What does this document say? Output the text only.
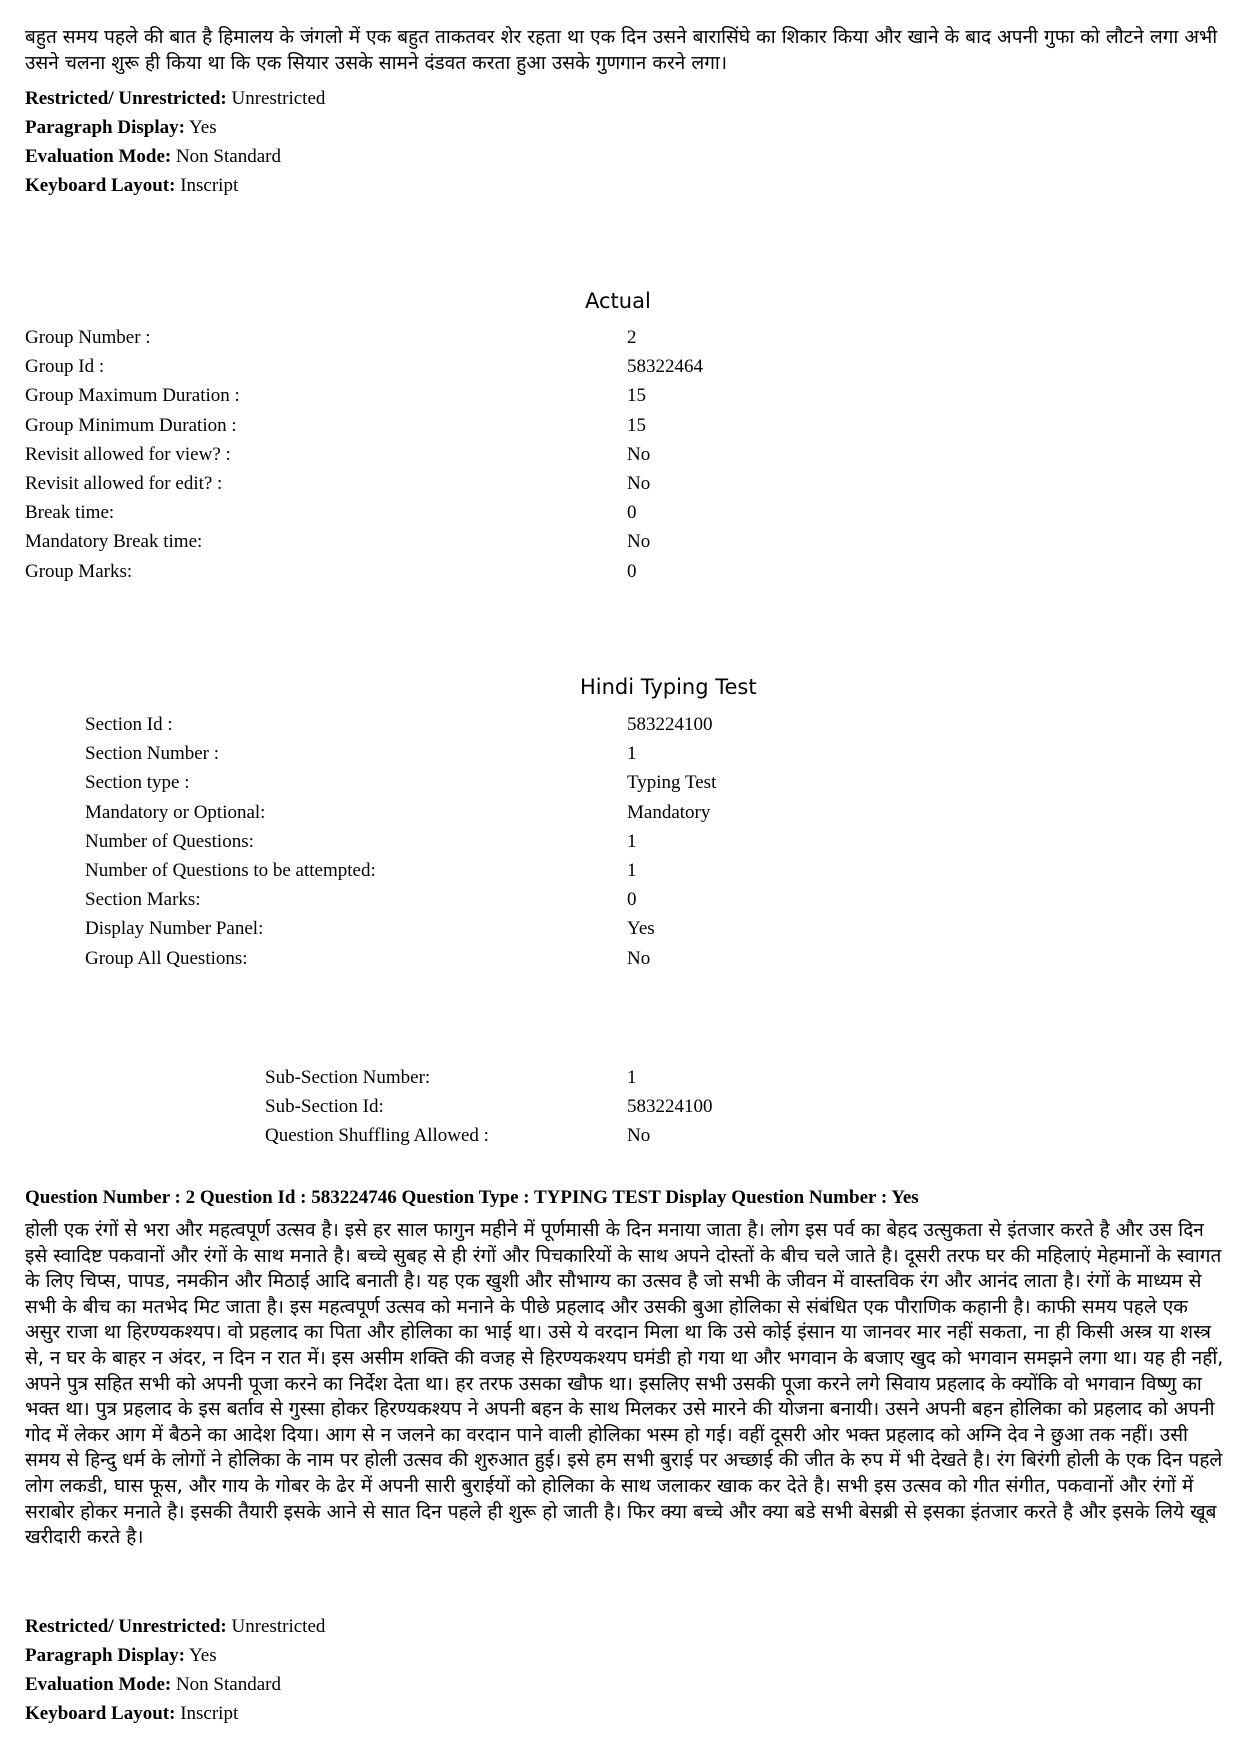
बहुत समय पहले की बात है हिमालय के जंगलो में एक बहुत ताकतवर शेर रहता था एक दिन उसने बारासिंघे का शिकार किया और खाने के बाद अपनी गुफा को लौटने लगा अभी उसने चलना शुरू ही किया था कि एक सियार उसके सामने दंडवत करता हुआ उसके गुणगान करने लगा।

Restricted/ Unrestricted: Unrestricted
Paragraph Display: Yes
Evaluation Mode: Non Standard
Keyboard Layout: Inscript
Actual
Group Number :	2
Group Id :	58322464
Group Maximum Duration :	15
Group Minimum Duration :	15
Revisit allowed for view? :	No
Revisit allowed for edit? :	No
Break time:	0
Mandatory Break time:	No
Group Marks:	0
Hindi Typing Test
Section Id :	583224100
Section Number :	1
Section type :	Typing Test
Mandatory or Optional:	Mandatory
Number of Questions:	1
Number of Questions to be attempted:	1
Section Marks:	0
Display Number Panel:	Yes
Group All Questions:	No
Sub-Section Number:	1
Sub-Section Id:	583224100
Question Shuffling Allowed :	No
Question Number : 2 Question Id : 583224746 Question Type : TYPING TEST Display Question Number : Yes

होली एक रंगों से भरा और महत्वपूर्ण उत्सव है। इसे हर साल फागुन महीने में पूर्णमासी के दिन मनाया जाता है। लोग इस पर्व का बेहद उत्सुकता से इंतजार करते है और उस दिन इसे स्वादिष्ट पकवानों और रंगों के साथ मनाते है। बच्चे सुबह से ही रंगों और पिचकारियों के साथ अपने दोस्तों के बीच चले जाते है। दूसरी तरफ घर की महिलाएं मेहमानों के स्वागत के लिए चिप्स, पापड, नमकीन और मिठाई आदि बनाती है। यह एक खुशी और सौभाग्य का उत्सव है जो सभी के जीवन में वास्तविक रंग और आनंद लाता है। रंगों के माध्यम से सभी के बीच का मतभेद मिट जाता है। इस महत्वपूर्ण उत्सव को मनाने के पीछे प्रहलाद और उसकी बुआ होलिका से संबंधित एक पौराणिक कहानी है। काफी समय पहले एक असुर राजा था हिरण्यकश्यप। वो प्रहलाद का पिता और होलिका का भाई था। उसे ये वरदान मिला था कि उसे कोई इंसान या जानवर मार नहीं सकता, ना ही किसी अस्त्र या शस्त्र से, न घर के बाहर न अंदर, न दिन न रात में। इस असीम शक्ति की वजह से हिरण्यकश्यप घमंडी हो गया था और भगवान के बजाए खुद को भगवान समझने लगा था। यह ही नहीं, अपने पुत्र सहित सभी को अपनी पूजा करने का निर्देश देता था। हर तरफ उसका खौफ था। इसलिए सभी उसकी पूजा करने लगे सिवाय प्रहलाद के क्योंकि वो भगवान विष्णु का भक्त था। पुत्र प्रहलाद के इस बर्ताव से गुस्सा होकर हिरण्यकश्यप ने अपनी बहन के साथ मिलकर उसे मारने की योजना बनायी। उसने अपनी बहन होलिका को प्रहलाद को अपनी गोद में लेकर आग में बैठने का आदेश दिया। आग से न जलने का वरदान पाने वाली होलिका भस्म हो गई। वहीं दूसरी ओर भक्त प्रहलाद को अग्नि देव ने छुआ तक नहीं। उसी समय से हिन्दु धर्म के लोगों ने होलिका के नाम पर होली उत्सव की शुरुआत हुई। इसे हम सभी बुराई पर अच्छाई की जीत के रुप में भी देखते है। रंग बिरंगी होली के एक दिन पहले लोग लकडी, घास फूस, और गाय के गोबर के ढेर में अपनी सारी बुराईयों को होलिका के साथ जलाकर खाक कर देते है। सभी इस उत्सव को गीत संगीत, पकवानों और रंगों में सराबोर होकर मनाते है। इसकी तैयारी इसके आने से सात दिन पहले ही शुरू हो जाती है। फिर क्या बच्चे और क्या बडे सभी बेसब्री से इसका इंतजार करते है और इसके लिये खूब खरीदारी करते है।

Restricted/ Unrestricted: Unrestricted
Paragraph Display: Yes
Evaluation Mode: Non Standard
Keyboard Layout: Inscript
